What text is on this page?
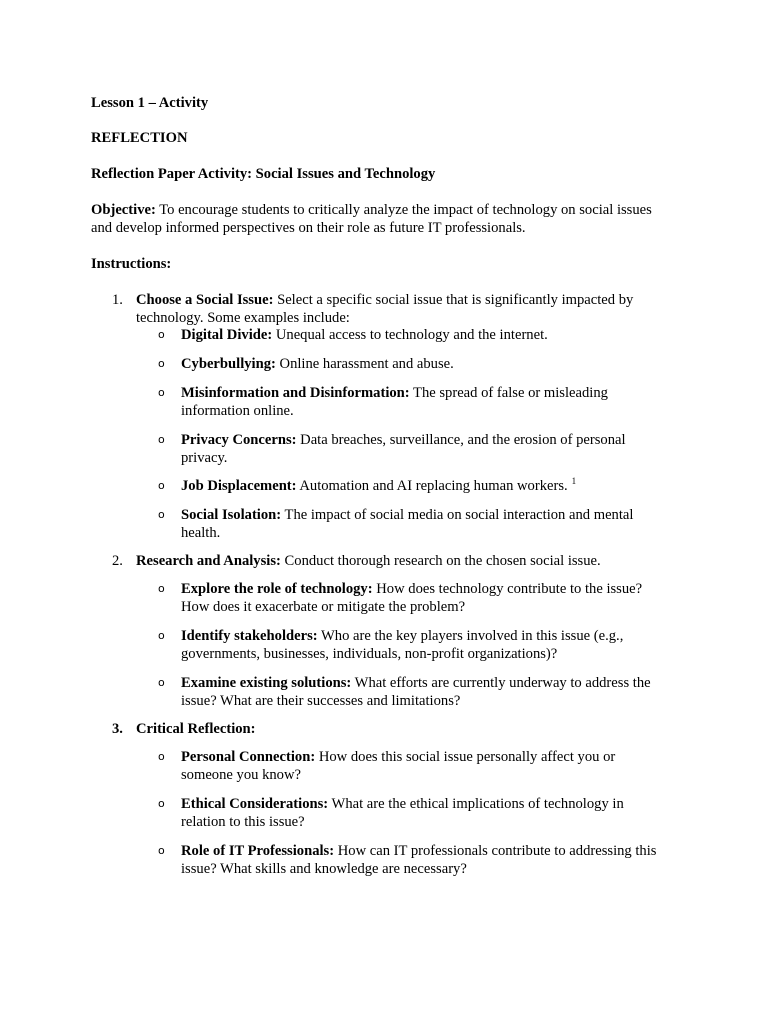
Lesson 1 – Activity
REFLECTION
Reflection Paper Activity: Social Issues and Technology
Objective: To encourage students to critically analyze the impact of technology on social issues
and develop informed perspectives on their role as future IT professionals.
Instructions:
1. Choose a Social Issue: Select a specific social issue that is significantly impacted by
technology. Some examples include:
o Digital Divide: Unequal access to technology and the internet.
o Cyberbullying: Online harassment and abuse.
o Misinformation and Disinformation: The spread of false or misleading
information online.
o Privacy Concerns: Data breaches, surveillance, and the erosion of personal
privacy.
o Job Displacement: Automation and AI replacing human workers. $^1$
o Social Isolation: The impact of social media on social interaction and mental
health.
2. Research and Analysis: Conduct thorough research on the chosen social issue.
o Explore the role of technology: How does technology contribute to the issue?
How does it exacerbate or mitigate the problem?
o Identify stakeholders: Who are the key players involved in this issue (e.g.,
governments, businesses, individuals, non-profit organizations)?
o Examine existing solutions: What efforts are currently underway to address the
issue? What are their successes and limitations?
3. Critical Reflection:
o Personal Connection: How does this social issue personally affect you or
someone you know?
o Ethical Considerations: What are the ethical implications of technology in
relation to this issue?
o Role of IT Professionals: How can IT professionals contribute to addressing this
issue? What skills and knowledge are necessary?
